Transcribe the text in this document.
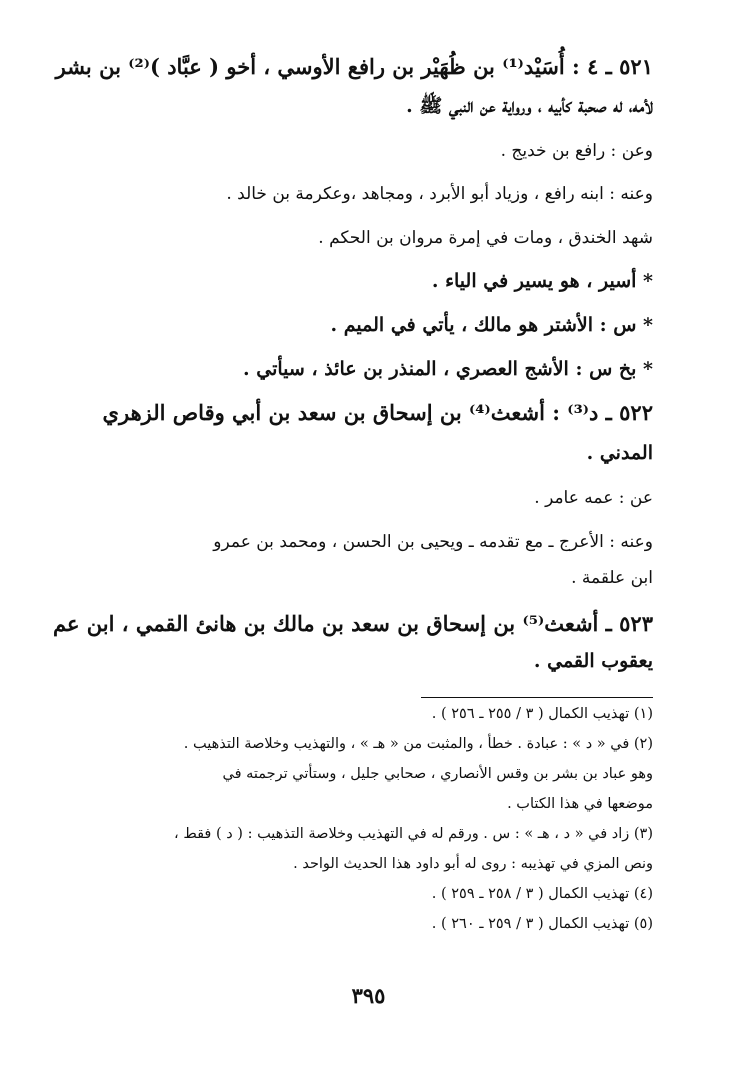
٥٢١ ـ ٤ : أُسَيْد⁽¹⁾ بن ظُهَيْر بن رافع الأوسي ، أخو ( عبَّاد )⁽²⁾ بن بشر
لأمه، له صحبة كأبيه ، ورواية عن النبي ﷺ .
وعن : رافع بن خديج .
وعنه : ابنه رافع ، وزياد أبو الأبرد ، ومجاهد ،وعكرمة بن خالد .
شهد الخندق ، ومات في إمرة مروان بن الحكم .
* أسير ، هو يسير في الياء .
* س : الأشتر هو مالك ، يأتي في الميم .
* بخ س : الأشج العصري ، المنذر بن عائذ ، سيأتي .
٥٢٢ ـ د⁽³⁾ : أشعث⁽⁴⁾ بن إسحاق بن سعد بن أبي وقاص الزهري
المدني .
عن : عمه عامر .
وعنه : الأعرج ـ مع تقدمه ـ ويحيى بن الحسن ، ومحمد بن عمرو
ابن علقمة .
٥٢٣ ـ أشعث⁽⁵⁾ بن إسحاق بن سعد بن مالك بن هانئ القمي ، ابن عم
يعقوب القمي .
(١) تهذيب الكمال ( ٣ / ٢٥٥ ـ ٢٥٦ ) .
(٢) في « د » : عبادة . خطأ ، والمثبت من « هـ » ، والتهذيب وخلاصة التذهيب .
وهو عباد بن بشر بن وقس الأنصاري ، صحابي جليل ، وستأتي ترجمته في
موضعها في هذا الكتاب .
(٣) زاد في « د ، هـ » : س . ورقم له في التهذيب وخلاصة التذهيب : ( د ) فقط ،
ونص المزي في تهذيبه : روى له أبو داود هذا الحديث الواحد .
(٤) تهذيب الكمال ( ٣ / ٢٥٨ ـ ٢٥٩ ) .
(٥) تهذيب الكمال ( ٣ / ٢٥٩ ـ ٢٦٠ ) .
٣٩٥
